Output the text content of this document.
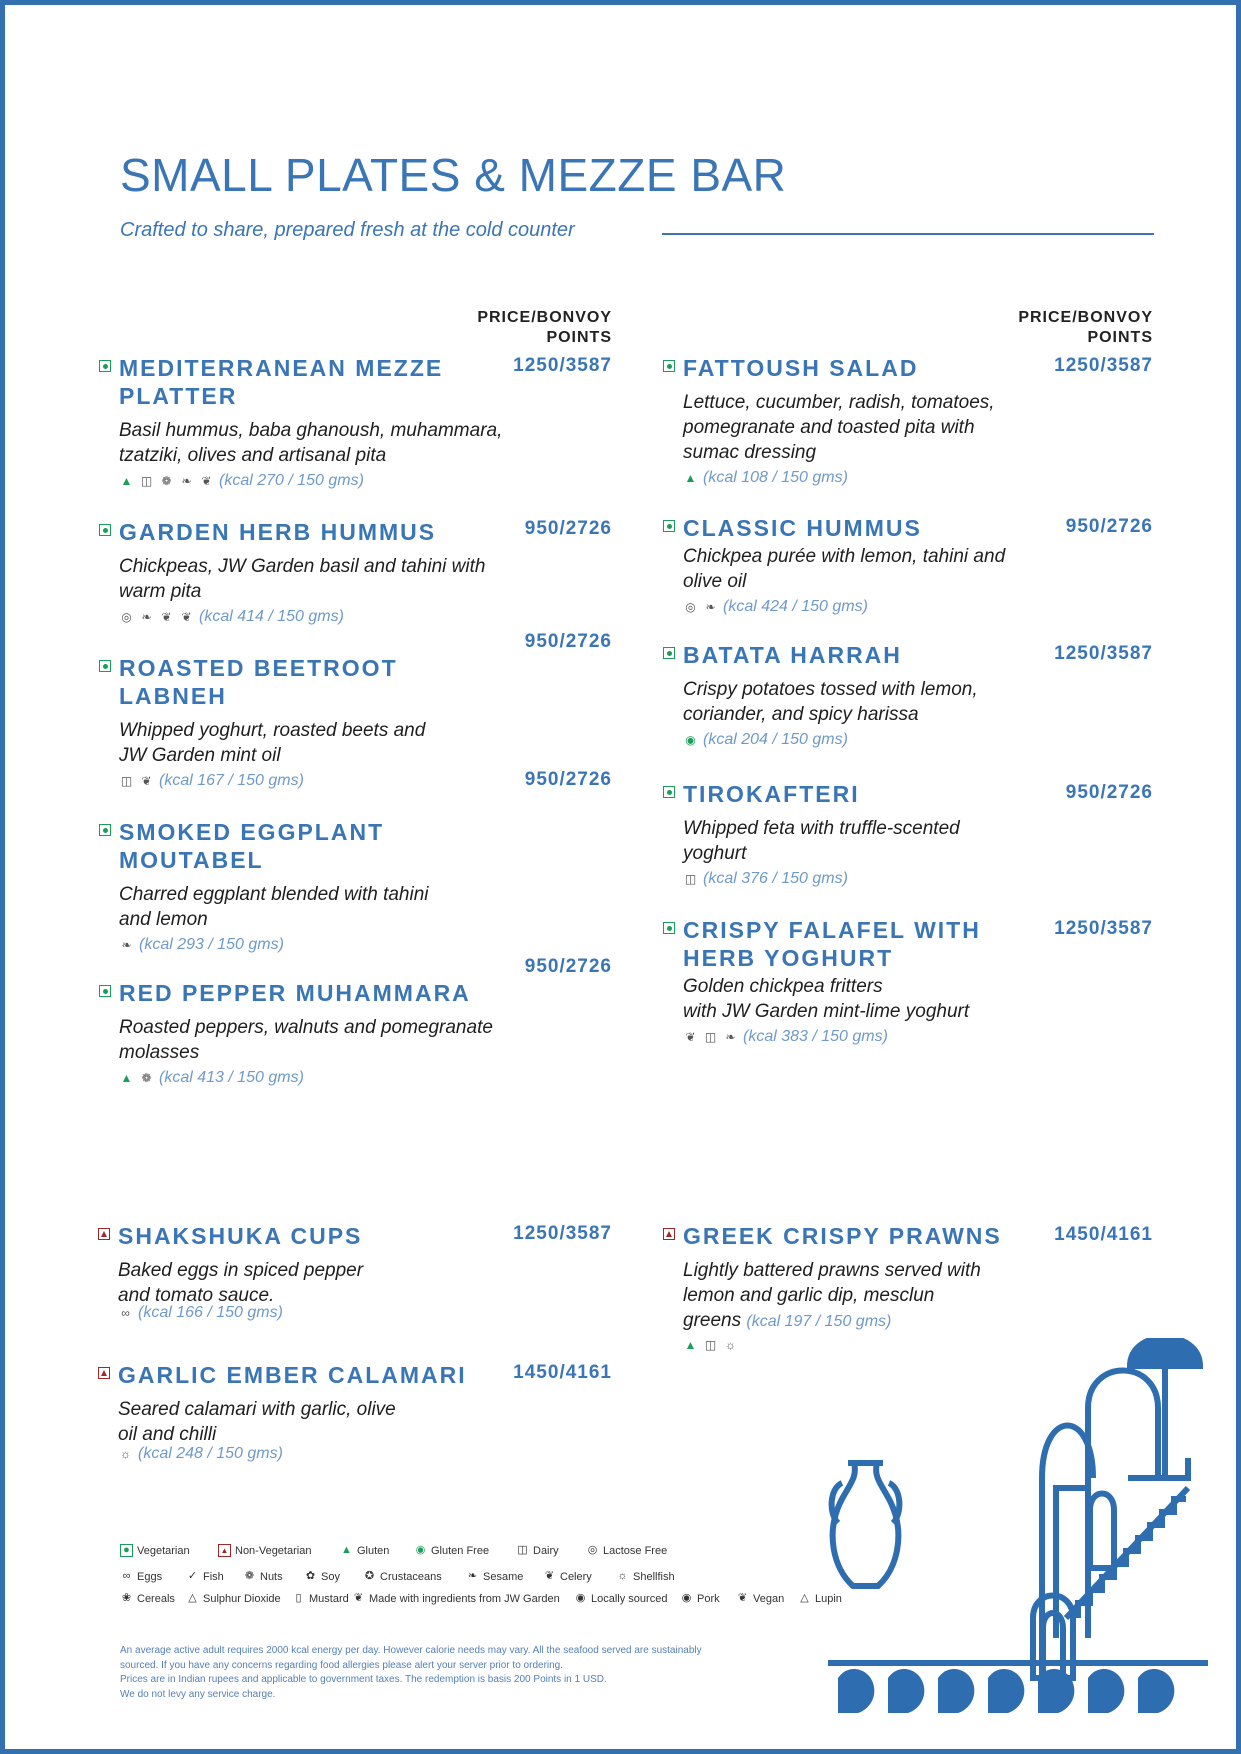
SMALL PLATES & MEZZE BAR
Crafted to share, prepared fresh at the cold counter
PRICE/BONVOY
POINTS
PRICE/BONVOY
POINTS
MEDITERRANEAN MEZZE
PLATTER
Basil hummus, baba ghanoush, muhammara,
tzatziki, olives and artisanal pita
▲ ◫ ❁ ❧ ❦ (kcal 270 / 150 gms)
1250/3587
GARDEN HERB HUMMUS
Chickpeas, JW Garden basil and tahini with
warm pita
◎ ❧ ❦ ❦ (kcal 414 / 150 gms)
950/2726
950/2726
ROASTED BEETROOT
LABNEH
Whipped yoghurt, roasted beets and
JW Garden mint oil
◫ ❦ (kcal 167 / 150 gms)	950/2726
SMOKED EGGPLANT
MOUTABEL
Charred eggplant blended with tahini
and lemon
❧ (kcal 293 / 150 gms)
950/2726
RED PEPPER MUHAMMARA
Roasted peppers, walnuts and pomegranate
molasses
▲ ❁ (kcal 413 / 150 gms)
FATTOUSH SALAD
Lettuce, cucumber, radish, tomatoes,
pomegranate and toasted pita with
sumac dressing
▲ (kcal 108 / 150 gms)
1250/3587
CLASSIC HUMMUS
Chickpea purée with lemon, tahini and
olive oil
◎ ❧ (kcal 424 / 150 gms)
950/2726
BATATA HARRAH
Crispy potatoes tossed with lemon,
coriander, and spicy harissa
◉ (kcal 204 / 150 gms)
1250/3587
TIROKAFTERI
Whipped feta with truffle-scented
yoghurt
◫ (kcal 376 / 150 gms)
950/2726
CRISPY FALAFEL WITH
HERB YOGHURT
Golden chickpea fritters
with JW Garden mint-lime yoghurt
❦ ◫ ❧ (kcal 383 / 150 gms)
1250/3587
SHAKSHUKA CUPS
Baked eggs in spiced pepper
and tomato sauce.
∞ (kcal 166 / 150 gms)
1250/3587
GARLIC EMBER CALAMARI
Seared calamari with garlic, olive
oil and chilli
☼ (kcal 248 / 150 gms)
1450/4161
GREEK CRISPY PRAWNS
Lightly battered prawns served with
lemon and garlic dip, mesclun
greens (kcal 197 / 150 gms)
▲ ◫ ☼
1450/4161
● Vegetarian	▲ Non-Vegetarian	▲ Gluten ◉ Gluten Free	◫ Dairy	◎ Lactose Free
∞ Eggs ✓ Fish ❁ Nuts ✿ Soy ✪ Crustaceans ❧ Sesame ❦ Celery ☼ Shellfish
❀ Cereals △ Sulphur Dioxide	▯ Mustard ❦ Made with ingredients from JW Garden ◉ Locally sourced ◉ Pork ❦ Vegan △ Lupin
An average active adult requires 2000 kcal energy per day. However calorie needs may vary. All the seafood served are sustainably
sourced. If you have any concerns regarding food allergies please alert your server prior to ordering.
Prices are in Indian rupees and applicable to government taxes. The redemption is basis 200 Points in 1 USD.
We do not levy any service charge.
